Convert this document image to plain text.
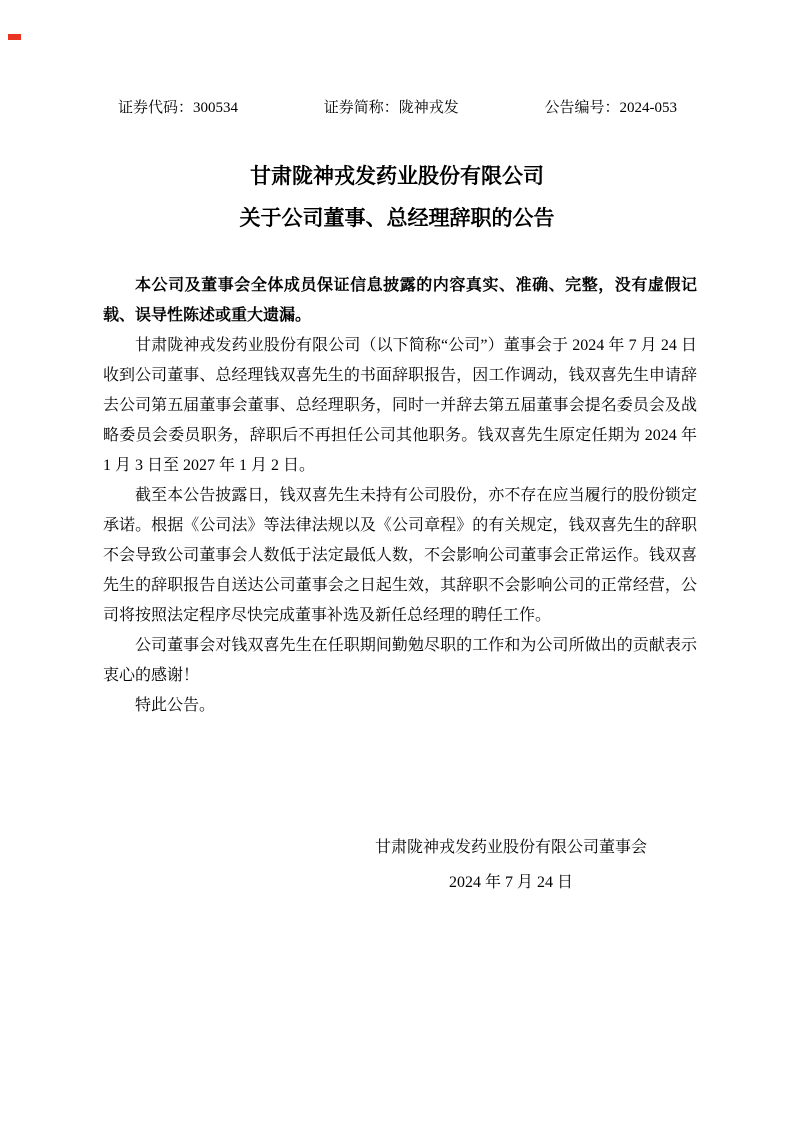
证券代码：300534	证券简称：陇神戎发	公告编号：2024-053
甘肃陇神戎发药业股份有限公司
关于公司董事、总经理辞职的公告

本公司及董事会全体成员保证信息披露的内容真实、准确、完整，没有虚假记载、误导性陈述或重大遗漏。

甘肃陇神戎发药业股份有限公司（以下简称“公司”）董事会于 2024 年 7 月 24 日收到公司董事、总经理钱双喜先生的书面辞职报告，因工作调动，钱双喜先生申请辞去公司第五届董事会董事、总经理职务，同时一并辞去第五届董事会提名委员会及战略委员会委员职务，辞职后不再担任公司其他职务。钱双喜先生原定任期为 2024 年 1 月 3 日至 2027 年 1 月 2 日。

截至本公告披露日，钱双喜先生未持有公司股份，亦不存在应当履行的股份锁定承诺。根据《公司法》等法律法规以及《公司章程》的有关规定，钱双喜先生的辞职不会导致公司董事会人数低于法定最低人数，不会影响公司董事会正常运作。钱双喜先生的辞职报告自送达公司董事会之日起生效，其辞职不会影响公司的正常经营，公司将按照法定程序尽快完成董事补选及新任总经理的聘任工作。

公司董事会对钱双喜先生在任职期间勤勉尽职的工作和为公司所做出的贡献表示衷心的感谢！

特此公告。

甘肃陇神戎发药业股份有限公司董事会
2024 年 7 月 24 日
